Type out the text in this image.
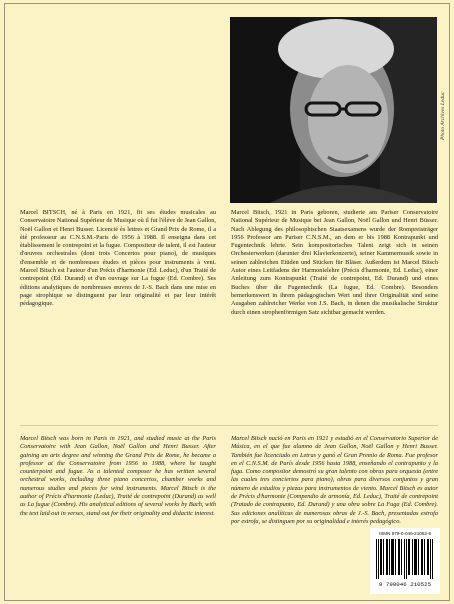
Photo Archives Leduc

Marcel BITSCH, né à Paris en 1921, fit ses études musicales au Conservatoire National Supérieur de Musique où il fut l'élève de Jean Gallon, Noël Gallon et Henri Busser. Licencié ès lettres et Grand Prix de Rome, il a été professeur au C.N.S.M.-Paris de 1956 à 1988. Il enseigna dans cet établissement le contrepoint et la fugue. Compositeur de talent, il est l'auteur d'œuvres orchestrales (dont trois Concertos pour piano), de musiques d'ensemble et de nombreuses études et pièces pour instruments à vent. Marcel Bitsch est l'auteur d'un Précis d'harmonie (Ed. Leduc), d'un Traité de contrepoint (Ed. Durand) et d'un ouvrage sur La fugue (Ed. Combre). Ses éditions analytiques de nombreuses œuvres de J.-S. Bach dans une mise en page strophique se distinguent par leur originalité et par leur intérêt pédagogique.

Marcel Bitsch, 1921 in Paris geboren, studierte am Pariser Conservatoire National Supérieur de Musique bei Jean Gallon, Noël Gallon und Henri Büsser. Nach Ablegung des philosophischen Staatsexamens wurde der Rompreisträger 1956 Professor am Pariser C.N.S.M., an dem er bis 1988 Kontrapunkt und Fugentechnik lehrte. Sein kompositorisches Talent zeigt sich in seinen Orchesterwerken (darunter drei Klavierkonzerte), seiner Kammermusik sowie in seinen zahlreichen Etüden und Stücken für Bläser. Außerdem ist Marcel Bitsch Autor eines Leitfadens der Harmonielehre (Précis d'harmonie, Ed. Leduc), einer Anleitung zum Kontrapunkt (Traité de contrepoint, Ed. Durand) und eines Buches über die Fugentechnik (La fugue, Ed. Combre). Besonders bemerkenswert in ihrem pädagogischen Wert und ihrer Originalität sind seine Ausgaben zahlreicher Werke von J.S. Bach, in denen die musikalische Struktur durch einen strophenförmigen Satz sichtbar gemacht werden.

Marcel Bitsch was born in Paris in 1921, and studied music at the Paris Conservatoire with Jean Gallon, Noël Gallon and Henri Busser. After gaining an arts degree and winning the Grand Prix de Rome, he became a professor at the Conservatoire from 1956 to 1988, where he taught counterpoint and fugue. As a talented composer he has written several orchestral works, including three piano concertos, chamber works and numerous studies and pieces for wind instruments. Marcel Bitsch is the author of Précis d'harmonie (Leduc), Traité de contrepoint (Durand) as well as La fugue (Combre). His analytical editions of several works by Bach, with the text laid out in verses, stand out for their originality and didactic interest.

Marcel Bitsch nació en Paris en 1921 y estudió en el Conservatorio Superior de Música, en el que fue alumno de Jean Gallon, Noël Gallon y Henri Busser. También fue licenciado en Letras y ganó el Gran Premio de Roma. Fue profesor en el C.N.S.M. de París desde 1956 hasta 1988, enseñando el contrapunto y la fuga. Como compositor demostró su gran talento con obras para orquesta (entre las cuales tres conciertos para piano), obras para diversos conjuntos y gran número de estudios y piezas para instrumentos de viento. Marcel Bitsch es autor de Précis d'harmonie (Compendio de armonía, Ed. Leduc), Traité de contrepoint (Tratado de contrapunto, Ed. Durand) y una obra sobre La Fuga (Ed. Combre). Sus ediciones analíticas de numerosas obras de J.-S. Bach, presentadas estrofa por estrofa, se distinguen por su originalidad e interés pedagógico.

ISMN 979-0-046-21052-5
9 790046 210525
